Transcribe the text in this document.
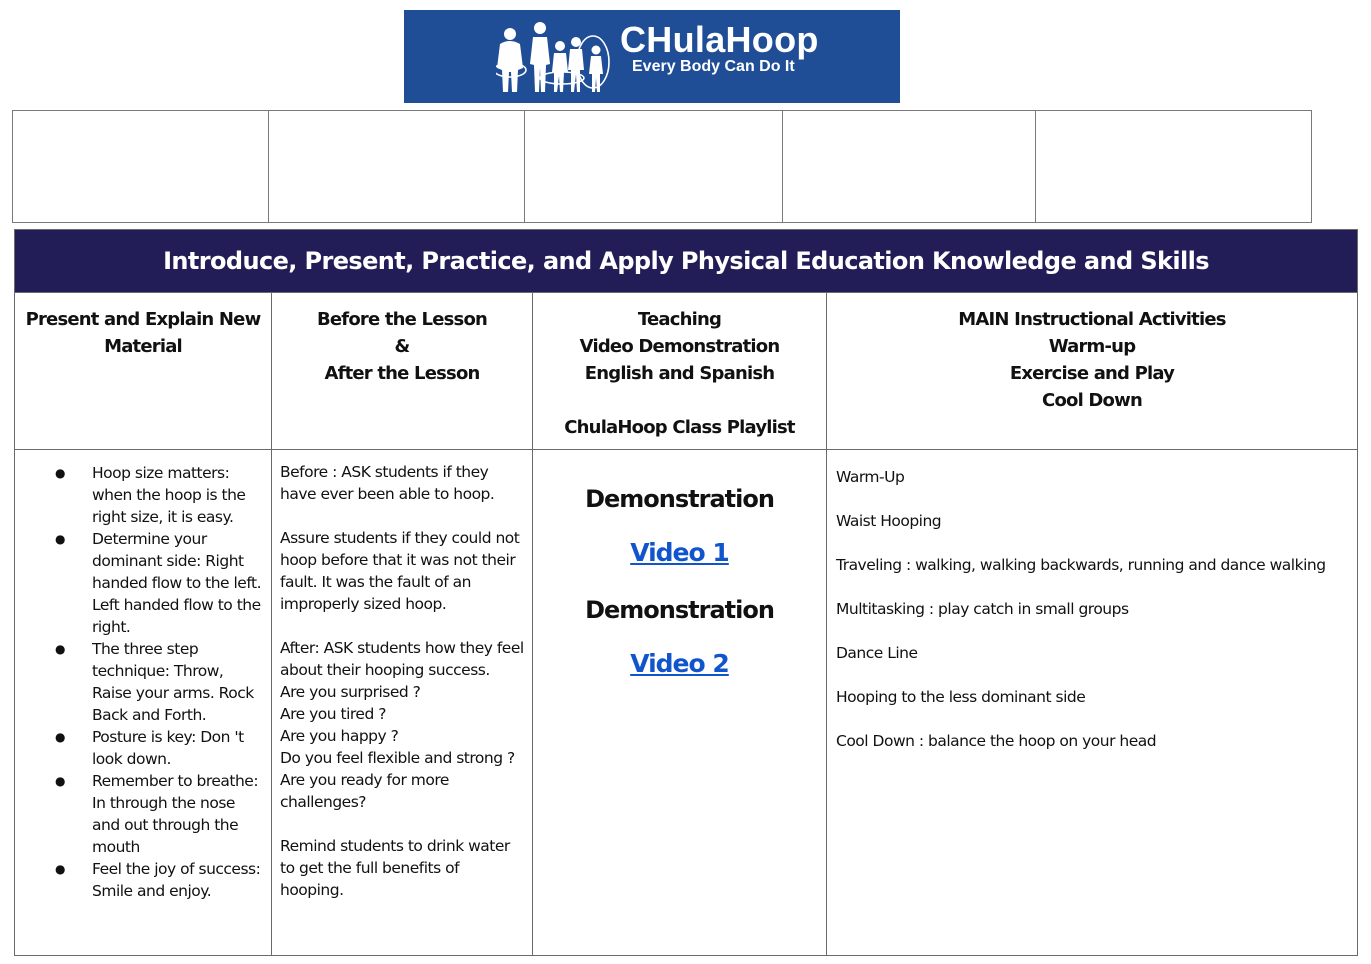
CHulaHoop
Every Body Can Do It
Introduce, Present, Practice, and Apply Physical Education Knowledge and Skills
Present and Explain New
Material
Before the Lesson
&
After the Lesson
Teaching
Video Demonstration
English and Spanish

ChulaHoop Class Playlist
MAIN Instructional Activities
Warm-up
Exercise and Play
Cool Down
● Hoop size matters: when the hoop is the right size, it is easy.
● Determine your dominant side: Right handed flow to the left. Left handed flow to the right.
● The three step technique: Throw, Raise your arms. Rock Back and Forth.
● Posture is key: Don 't look down.
● Remember to breathe: In through the nose and out through the mouth
● Feel the joy of success: Smile and enjoy.

Before : ASK students if they have ever been able to hoop.

Assure students if they could not hoop before that it was not their fault. It was the fault of an improperly sized hoop.

After: ASK students how they feel about their hooping success.

Are you surprised ?
Are you tired ?
Are you happy ?
Do you feel flexible and strong ?
Are you ready for more challenges?

Remind students to drink water to get the full benefits of hooping.

Demonstration
Video 1
Demonstration
Video 2
Warm-Up
Waist Hooping
Traveling : walking, walking backwards, running and dance walking
Multitasking : play catch in small groups
Dance Line
Hooping to the less dominant side
Cool Down : balance the hoop on your head
